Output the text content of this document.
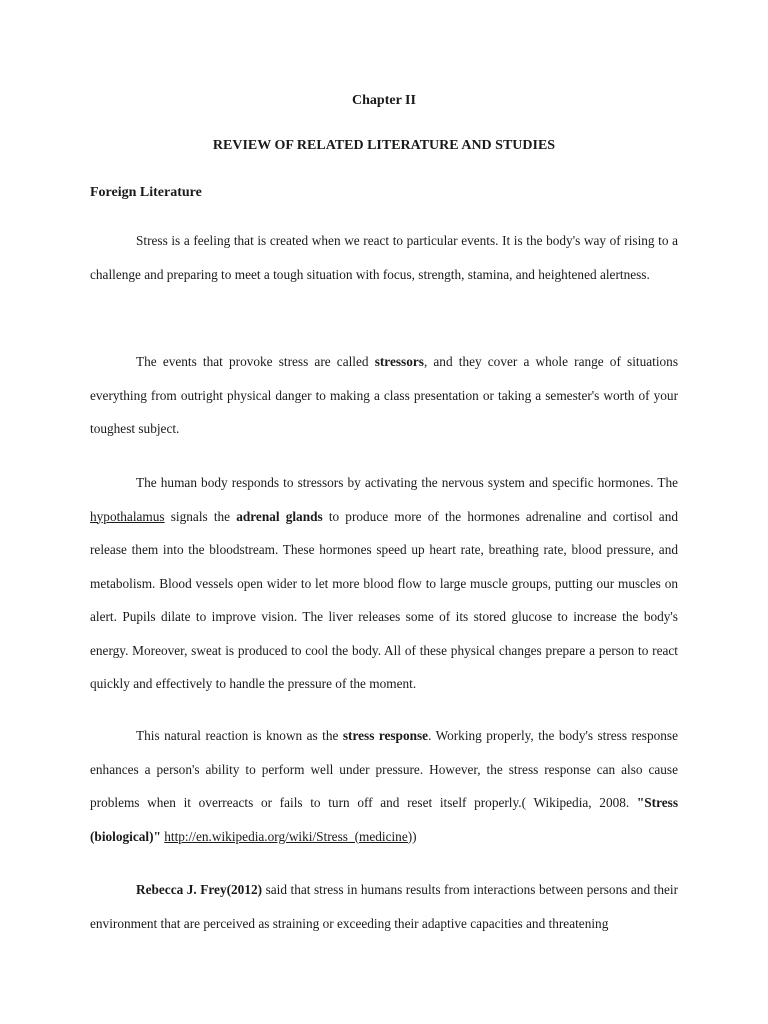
Chapter II

REVIEW OF RELATED LITERATURE AND STUDIES

Foreign Literature

Stress is a feeling that is created when we react to particular events. It is the body's way of rising to a challenge and preparing to meet a tough situation with focus, strength, stamina, and heightened alertness.

The events that provoke stress are called stressors, and they cover a whole range of situations everything from outright physical danger to making a class presentation or taking a semester's worth of your toughest subject.

The human body responds to stressors by activating the nervous system and specific hormones. The hypothalamus signals the adrenal glands to produce more of the hormones adrenaline and cortisol and release them into the bloodstream. These hormones speed up heart rate, breathing rate, blood pressure, and metabolism. Blood vessels open wider to let more blood flow to large muscle groups, putting our muscles on alert. Pupils dilate to improve vision. The liver releases some of its stored glucose to increase the body's energy. Moreover, sweat is produced to cool the body. All of these physical changes prepare a person to react quickly and effectively to handle the pressure of the moment.

This natural reaction is known as the stress response. Working properly, the body's stress response enhances a person's ability to perform well under pressure. However, the stress response can also cause problems when it overreacts or fails to turn off and reset itself properly.( Wikipedia, 2008. "Stress (biological)" http://en.wikipedia.org/wiki/Stress_(medicine))

Rebecca J. Frey(2012) said that stress in humans results from interactions between persons and their environment that are perceived as straining or exceeding their adaptive capacities and threatening
